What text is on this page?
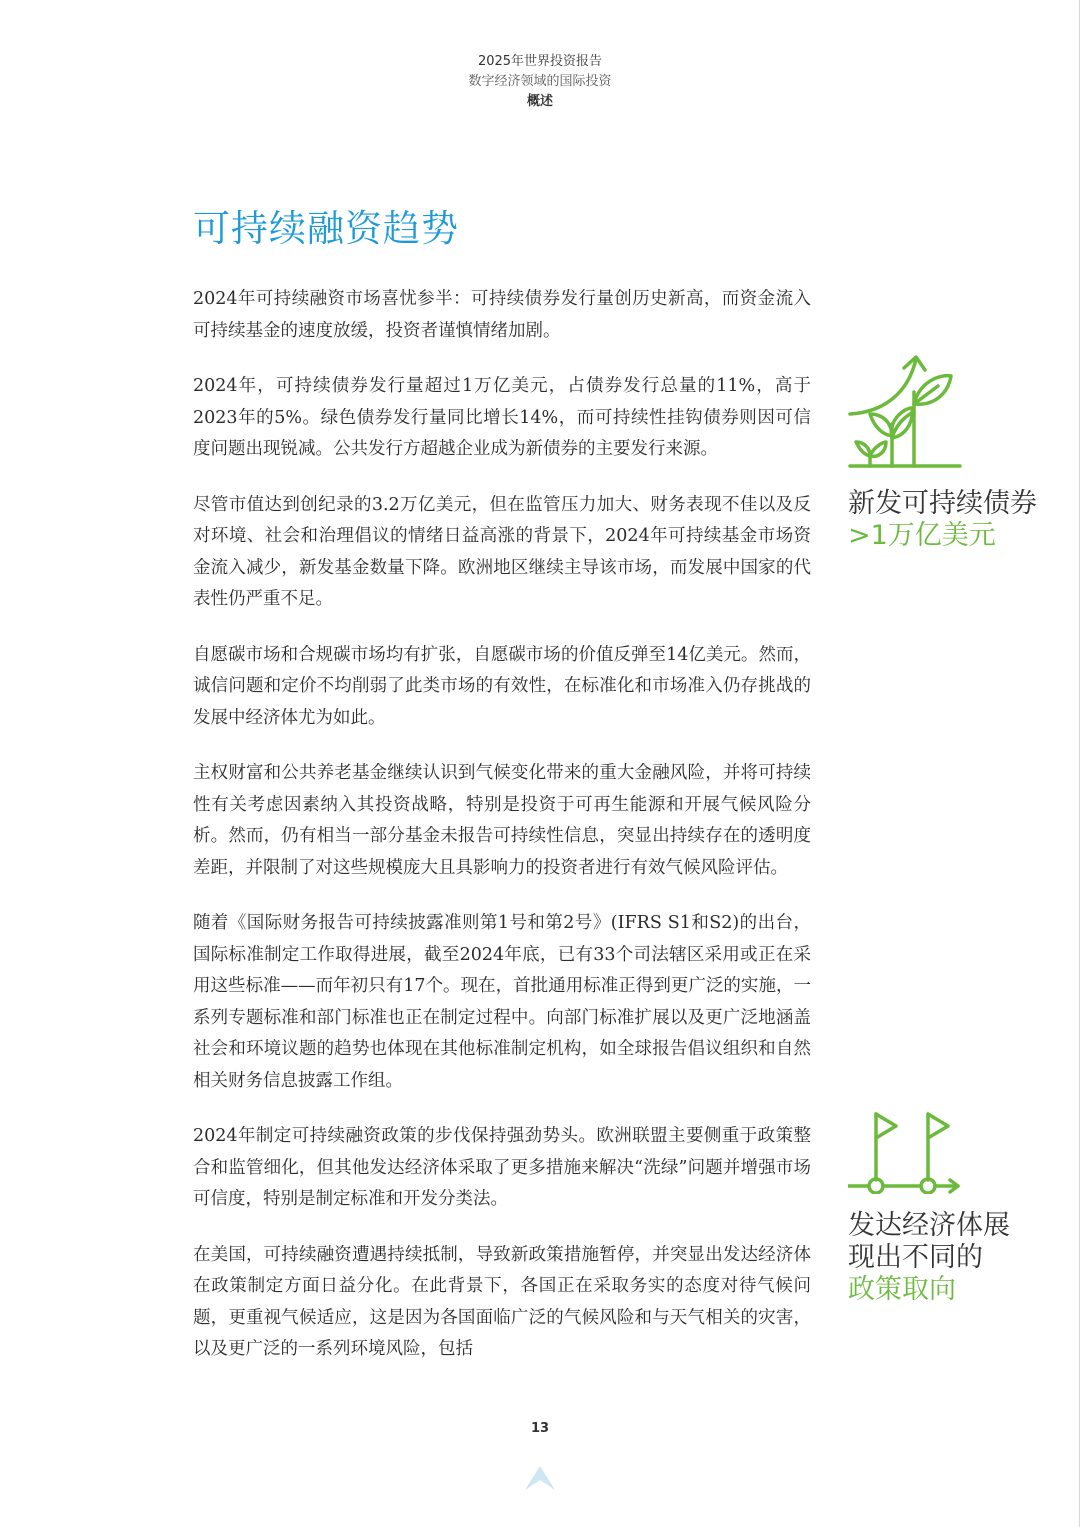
2025年世界投资报告
数字经济领域的国际投资
概述
可持续融资趋势

2024年可持续融资市场喜忧参半：可持续债券发行量创历史新高，而资金流入可持续基金的速度放缓，投资者谨慎情绪加剧。

2024年，可持续债券发行量超过1万亿美元，占债券发行总量的11%，高于2023年的5%。绿色债券发行量同比增长14%，而可持续性挂钩债券则因可信度问题出现锐减。公共发行方超越企业成为新债券的主要发行来源。

尽管市值达到创纪录的3.2万亿美元，但在监管压力加大、财务表现不佳以及反对环境、社会和治理倡议的情绪日益高涨的背景下，2024年可持续基金市场资金流入减少，新发基金数量下降。欧洲地区继续主导该市场，而发展中国家的代表性仍严重不足。

自愿碳市场和合规碳市场均有扩张，自愿碳市场的价值反弹至14亿美元。然而，诚信问题和定价不均削弱了此类市场的有效性，在标准化和市场准入仍存挑战的发展中经济体尤为如此。

主权财富和公共养老基金继续认识到气候变化带来的重大金融风险，并将可持续性有关考虑因素纳入其投资战略，特别是投资于可再生能源和开展气候风险分析。然而，仍有相当一部分基金未报告可持续性信息，突显出持续存在的透明度差距，并限制了对这些规模庞大且具影响力的投资者进行有效气候风险评估。

随着《国际财务报告可持续披露准则第1号和第2号》(IFRS S1和S2)的出台，国际标准制定工作取得进展，截至2024年底，已有33个司法辖区采用或正在采用这些标准——而年初只有17个。现在，首批通用标准正得到更广泛的实施，一系列专题标准和部门标准也正在制定过程中。向部门标准扩展以及更广泛地涵盖社会和环境议题的趋势也体现在其他标准制定机构，如全球报告倡议组织和自然相关财务信息披露工作组。

2024年制定可持续融资政策的步伐保持强劲势头。欧洲联盟主要侧重于政策整合和监管细化，但其他发达经济体采取了更多措施来解决“洗绿”问题并增强市场可信度，特别是制定标准和开发分类法。

在美国，可持续融资遭遇持续抵制，导致新政策措施暂停，并突显出发达经济体在政策制定方面日益分化。在此背景下，各国正在采取务实的态度对待气候问题，更重视气候适应，这是因为各国面临广泛的气候风险和与天气相关的灾害，以及更广泛的一系列环境风险，包括

新发可持续债券
>1万亿美元
发达经济体展
现出不同的
政策取向
13
